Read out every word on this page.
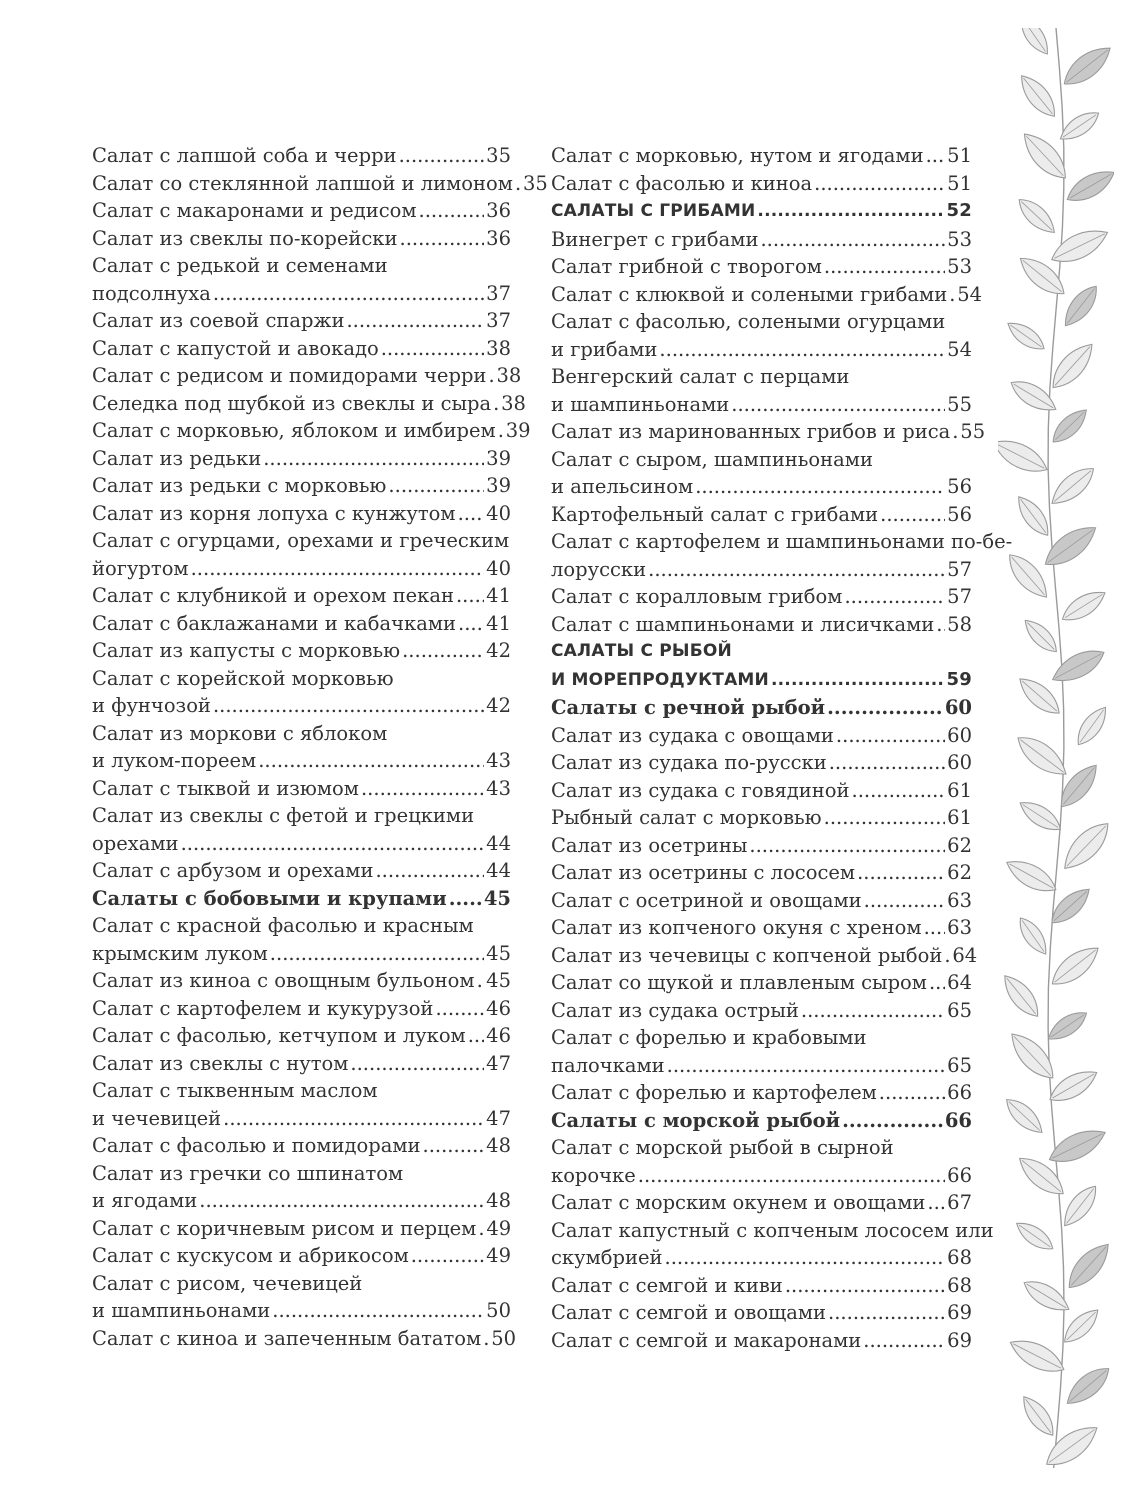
Салат с лапшой соба и черри .....	35
Салат со стеклянной лапшой и лимоном ..... 35
Салат с макаронами и редисом .....	36
Салат из свеклы по-корейски .....	36
Салат с редькой и семенами
подсолнуха .....	37
Салат из соевой спаржи .....	37
Салат с капустой и авокадо .....	38
Салат с редисом и помидорами черри ..... 38
Селедка под шубкой из свеклы и сыра ..... 38
Салат с морковью, яблоком и имбирем ..... 39
Салат из редьки .....	39
Салат из редьки с морковью .....	39
Салат из корня лопуха с кунжутом ..... 40
Салат с огурцами, орехами и греческим
йогуртом .....	40
Салат с клубникой и орехом пекан ..... 41
Салат с баклажанами и кабачками ..... 41
Салат из капусты с морковью .....	42
Салат с корейской морковью
и фунчозой .....	42
Салат из моркови с яблоком
и луком-пореем .....	43
Салат с тыквой и изюмом .....	43
Салат из свеклы с фетой и грецкими
орехами .....	44
Салат с арбузом и орехами .....	44
Салаты с бобовыми и крупами ..... 45
Салат с красной фасолью и красным
крымским луком .....	45
Салат из киноа с овощным бульоном ..... 45
Салат с картофелем и кукурузой .....	46
Салат с фасолью, кетчупом и луком ..... 46
Салат из свеклы с нутом .....	47
Салат с тыквенным маслом
и чечевицей .....	47
Салат с фасолью и помидорами .....	48
Салат из гречки со шпинатом
и ягодами .....	48
Салат с коричневым рисом и перцем ..... 49
Салат с кускусом и абрикосом .....	49
Салат с рисом, чечевицей
и шампиньонами .....	50
Салат с киноа и запеченным бататом ..... 50
Салат с морковью, нутом и ягодами ..... 51
Салат с фасолью и киноа .....	51
САЛАТЫ С ГРИБАМИ .....	52
Винегрет с грибами .....	53
Салат грибной с творогом .....	53
Салат с клюквой и солеными грибами ..... 54
Салат с фасолью, солеными огурцами
и грибами .....	54
Венгерский салат с перцами
и шампиньонами .....	55
Салат из маринованных грибов и риса ..... 55
Салат с сыром, шампиньонами
и апельсином .....	56
Картофельный салат с грибами .....	56
Салат с картофелем и шампиньонами по-бе-
лорусски .....	57
Салат с коралловым грибом .....	57
Салат с шампиньонами и лисичками ..... 58
САЛАТЫ С РЫБОЙ
И МОРЕПРОДУКТАМИ .....	59
Салаты с речной рыбой .....	60
Салат из судака с овощами .....	60
Салат из судака по-русски .....	60
Салат из судака с говядиной .....	61
Рыбный салат с морковью .....	61
Салат из осетрины .....	62
Салат из осетрины с лососем .....	62
Салат с осетриной и овощами .....	63
Салат из копченого окуня с хреном ..... 63
Салат из чечевицы с копченой рыбой ..... 64
Салат со щукой и плавленым сыром ..... 64
Салат из судака острый .....	65
Салат с форелью и крабовыми
палочками .....	65
Салат с форелью и картофелем .....	66
Салаты с морской рыбой .....	66
Салат с морской рыбой в сырной
корочке .....	66
Салат с морским окунем и овощами ..... 67
Салат капустный с копченым лососем или
скумбрией .....	68
Салат с семгой и киви .....	68
Салат с семгой и овощами .....	69
Салат с семгой и макаронами .....	69
